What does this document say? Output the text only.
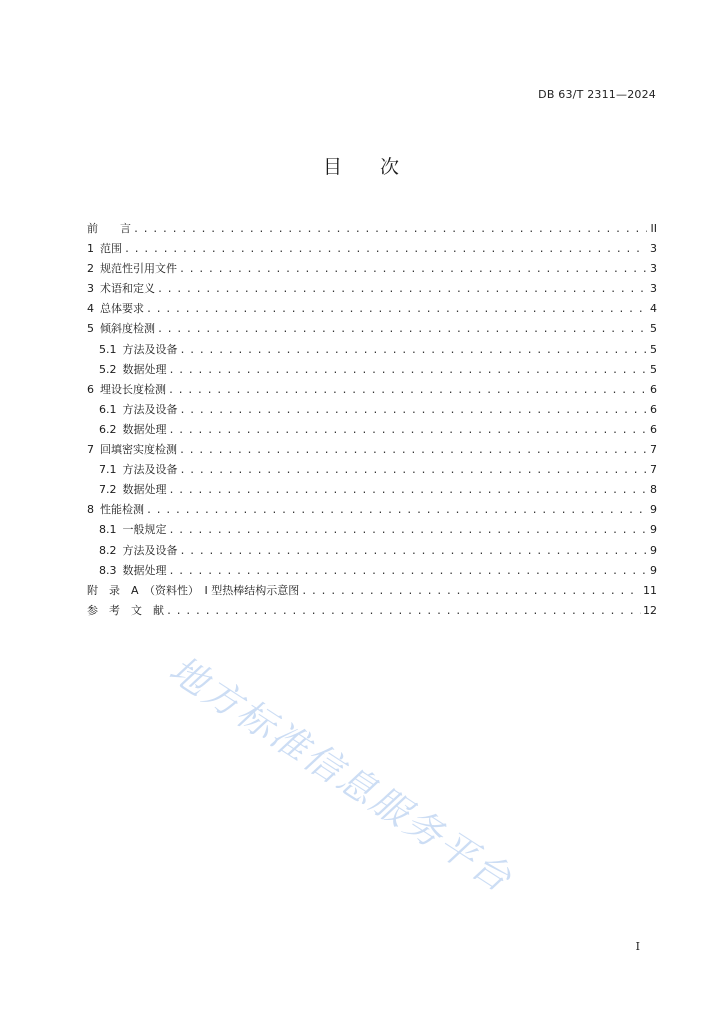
DB 63/T 2311—2024
目 次
前　　言 . . .	II
1 范围 . . .	3
2 规范性引用文件 . . .	3
3 术语和定义 . . .	3
4 总体要求 . . .	4
5 倾斜度检测 . . .	5
5.1 方法及设备 . . .	5
5.2 数据处理 . . .	5
6 埋设长度检测 . . .	6
6.1 方法及设备 . . .	6
6.2 数据处理 . . .	6
7 回填密实度检测 . . .	7
7.1 方法及设备 . . .	7
7.2 数据处理 . . .	8
8 性能检测 . . .	9
8.1 一般规定 . . .	9
8.2 方法及设备 . . .	9
8.3 数据处理 . . .	9
附　录　A　（资料性）　I 型热棒结构示意图 . . .	11
参　考　文　献 . . .	12
地方标准信息服务平台
I
